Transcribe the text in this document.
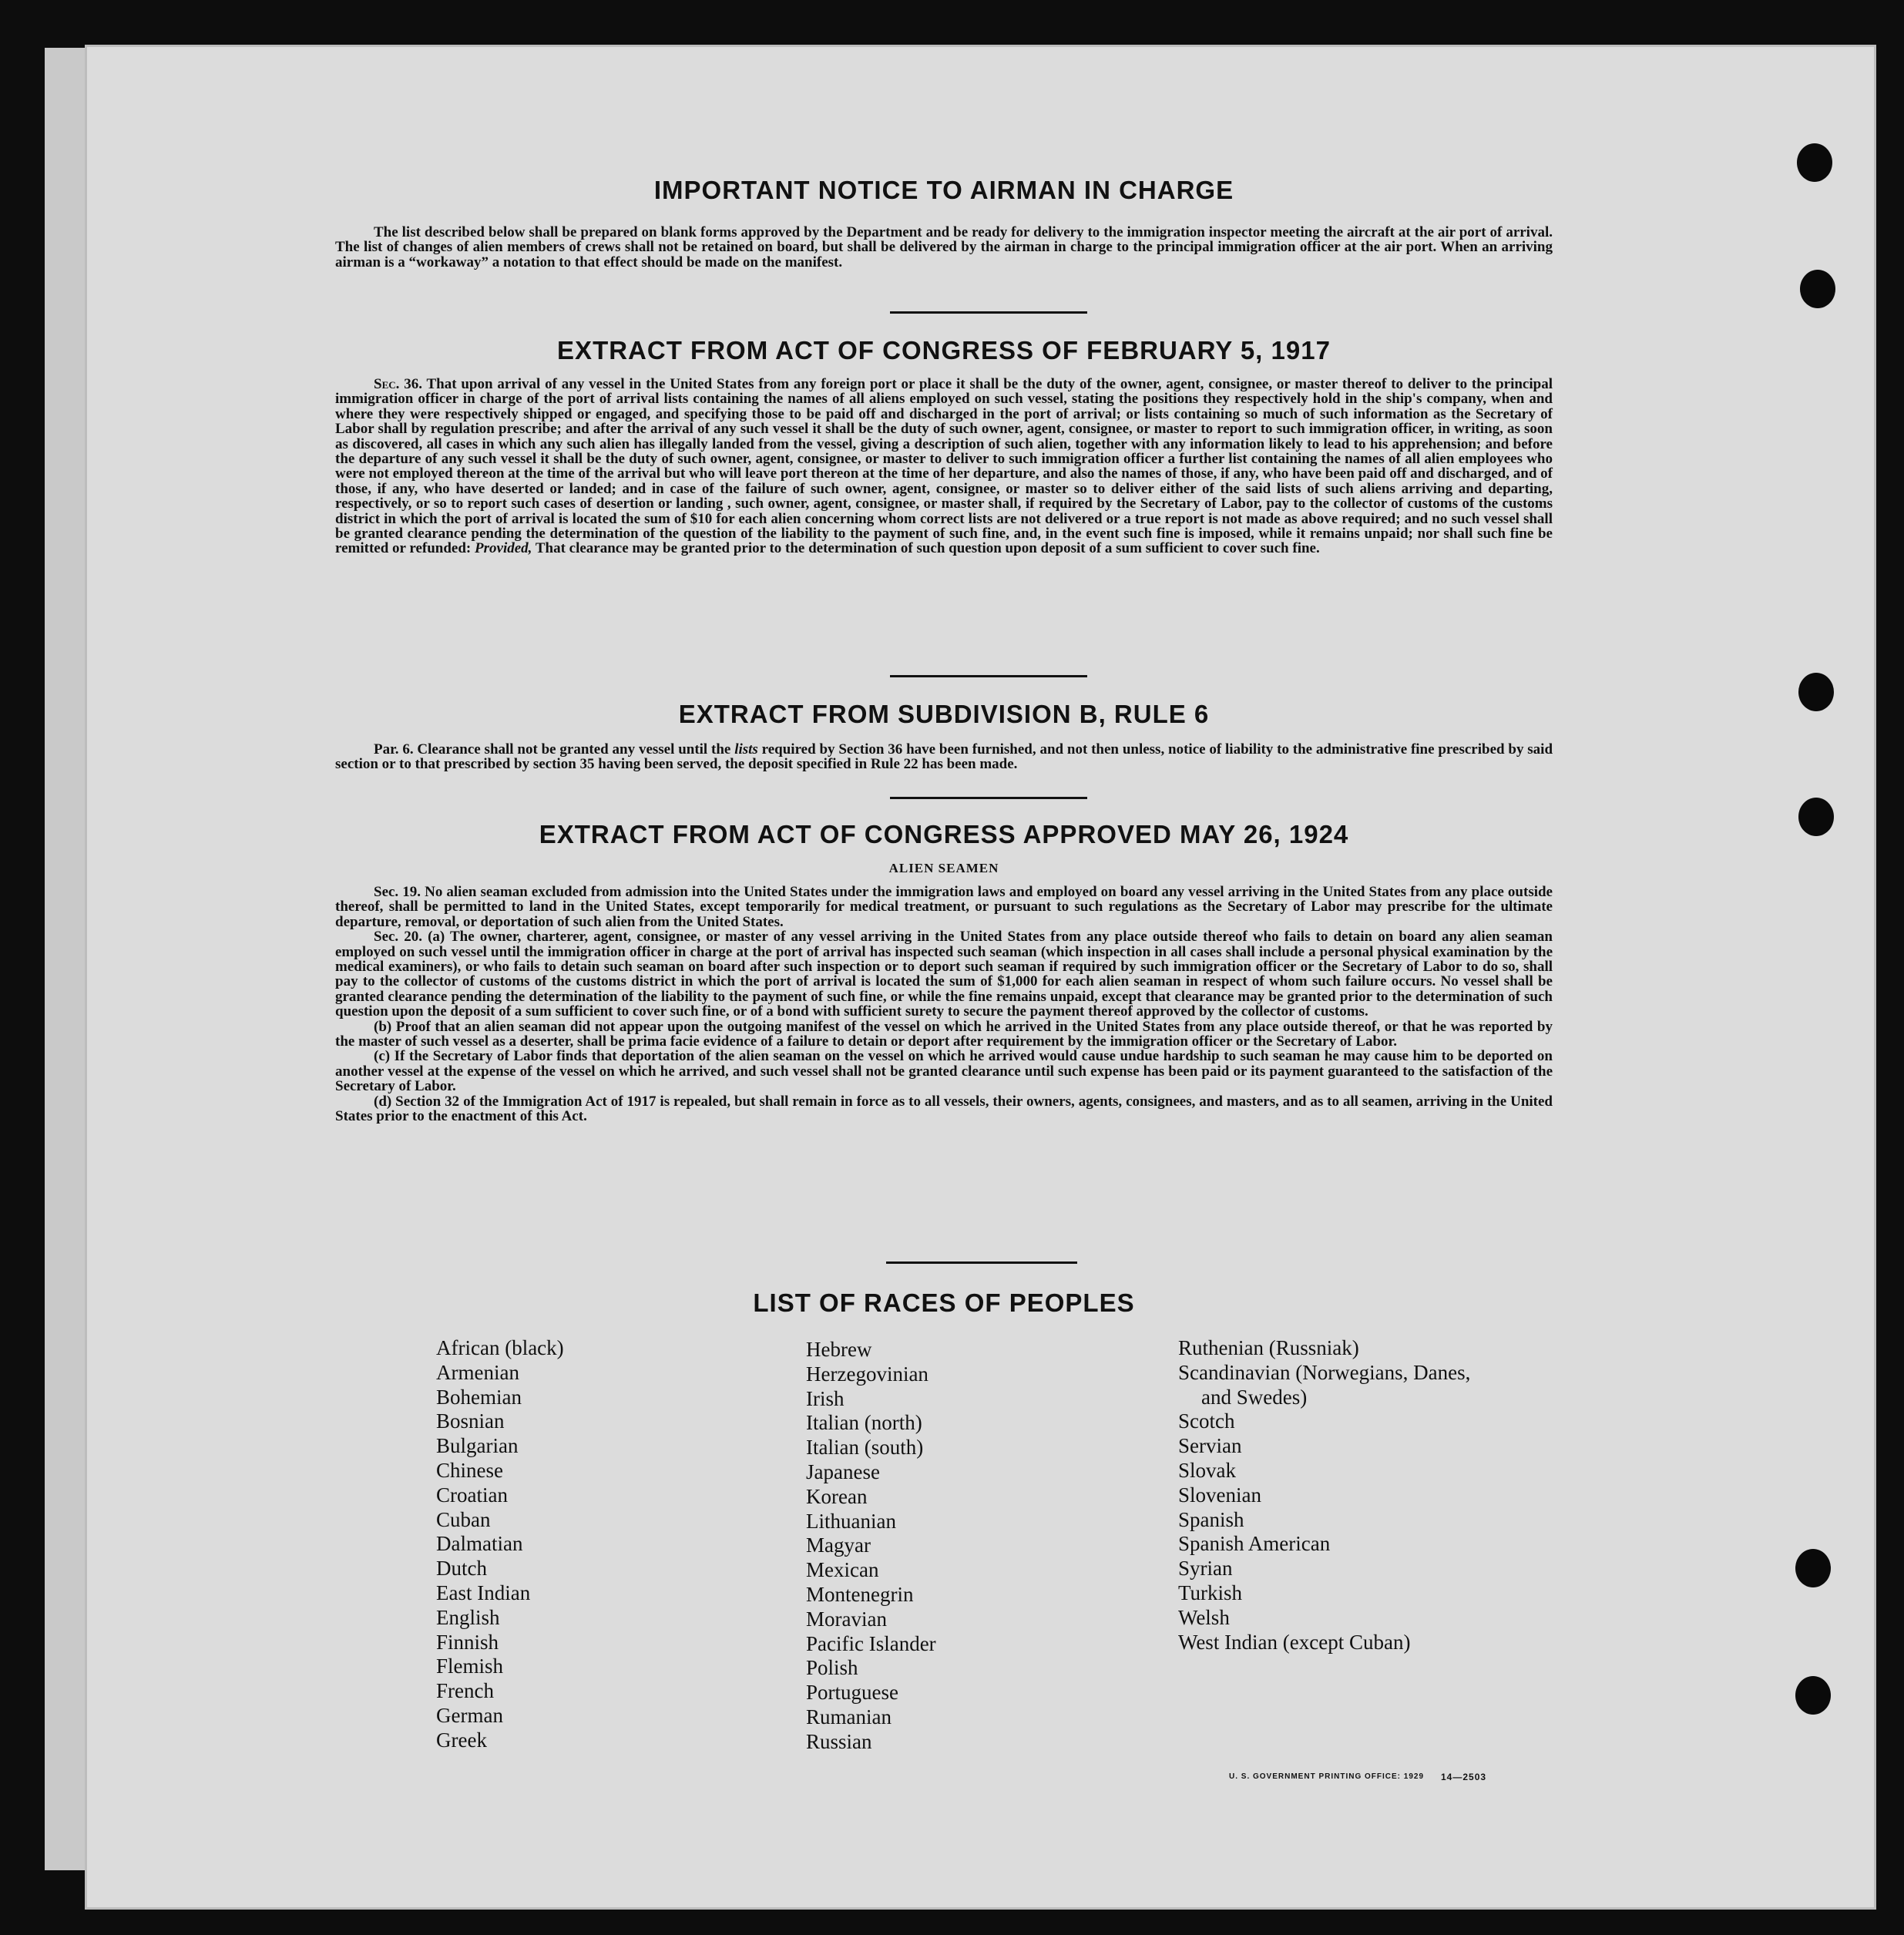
IMPORTANT NOTICE TO AIRMAN IN CHARGE

The list described below shall be prepared on blank forms approved by the Department and be ready for delivery to the immigration inspector meeting the aircraft at the air port of arrival. The list of changes of alien members of crews shall not be retained on board, but shall be delivered by the airman in charge to the principal immigration officer at the air port. When an arriving airman is a “workaway” a notation to that effect should be made on the manifest.

EXTRACT FROM ACT OF CONGRESS OF FEBRUARY 5, 1917

Sec. 36. That upon arrival of any vessel in the United States from any foreign port or place it shall be the duty of the owner, agent, consignee, or master thereof to deliver to the principal immigration officer in charge of the port of arrival lists containing the names of all aliens employed on such vessel, stating the positions they respectively hold in the ship's company, when and where they were respectively shipped or engaged, and specifying those to be paid off and discharged in the port of arrival; or lists containing so much of such information as the Secretary of Labor shall by regulation prescribe; and after the arrival of any such vessel it shall be the duty of such owner, agent, consignee, or master to report to such immigration officer, in writing, as soon as discovered, all cases in which any such alien has illegally landed from the vessel, giving a description of such alien, together with any information likely to lead to his apprehension; and before the departure of any such vessel it shall be the duty of such owner, agent, consignee, or master to deliver to such immigration officer a further list containing the names of all alien employees who were not employed thereon at the time of the arrival but who will leave port thereon at the time of her departure, and also the names of those, if any, who have been paid off and discharged, and of those, if any, who have deserted or landed; and in case of the failure of such owner, agent, consignee, or master so to deliver either of the said lists of such aliens arriving and departing, respectively, or so to report such cases of desertion or landing , such owner, agent, consignee, or master shall, if required by the Secretary of Labor, pay to the collector of customs of the customs district in which the port of arrival is located the sum of $10 for each alien concerning whom correct lists are not delivered or a true report is not made as above required; and no such vessel shall be granted clearance pending the determination of the question of the liability to the payment of such fine, and, in the event such fine is imposed, while it remains unpaid; nor shall such fine be remitted or refunded: Provided, That clearance may be granted prior to the determination of such question upon deposit of a sum sufficient to cover such fine.

EXTRACT FROM SUBDIVISION B, RULE 6

Par. 6. Clearance shall not be granted any vessel until the lists required by Section 36 have been furnished, and not then unless, notice of liability to the administrative fine prescribed by said section or to that prescribed by section 35 having been served, the deposit specified in Rule 22 has been made.

EXTRACT FROM ACT OF CONGRESS APPROVED MAY 26, 1924
ALIEN SEAMEN

Sec. 19. No alien seaman excluded from admission into the United States under the immigration laws and employed on board any vessel arriving in the United States from any place outside thereof, shall be permitted to land in the United States, except temporarily for medical treatment, or pursuant to such regulations as the Secretary of Labor may prescribe for the ultimate departure, removal, or deportation of such alien from the United States.

Sec. 20. (a) The owner, charterer, agent, consignee, or master of any vessel arriving in the United States from any place outside thereof who fails to detain on board any alien seaman employed on such vessel until the immigration officer in charge at the port of arrival has inspected such seaman (which inspection in all cases shall include a personal physical examination by the medical examiners), or who fails to detain such seaman on board after such inspection or to deport such seaman if required by such immigration officer or the Secretary of Labor to do so, shall pay to the collector of customs of the customs district in which the port of arrival is located the sum of $1,000 for each alien seaman in respect of whom such failure occurs. No vessel shall be granted clearance pending the determination of the liability to the payment of such fine, or while the fine remains unpaid, except that clearance may be granted prior to the determination of such question upon the deposit of a sum sufficient to cover such fine, or of a bond with sufficient surety to secure the payment thereof approved by the collector of customs.

(b) Proof that an alien seaman did not appear upon the outgoing manifest of the vessel on which he arrived in the United States from any place outside thereof, or that he was reported by the master of such vessel as a deserter, shall be prima facie evidence of a failure to detain or deport after requirement by the immigration officer or the Secretary of Labor.

(c) If the Secretary of Labor finds that deportation of the alien seaman on the vessel on which he arrived would cause undue hardship to such seaman he may cause him to be deported on another vessel at the expense of the vessel on which he arrived, and such vessel shall not be granted clearance until such expense has been paid or its payment guaranteed to the satisfaction of the Secretary of Labor.

(d) Section 32 of the Immigration Act of 1917 is repealed, but shall remain in force as to all vessels, their owners, agents, consignees, and masters, and as to all seamen, arriving in the United States prior to the enactment of this Act.

LIST OF RACES OF PEOPLES
African (black)
Armenian
Bohemian
Bosnian
Bulgarian
Chinese
Croatian
Cuban
Dalmatian
Dutch
East Indian
English
Finnish
Flemish
French
German
Greek
Hebrew
Herzegovinian
Irish
Italian (north)
Italian (south)
Japanese
Korean
Lithuanian
Magyar
Mexican
Montenegrin
Moravian
Pacific Islander
Polish
Portuguese
Rumanian
Russian
Ruthenian (Russniak)
Scandinavian (Norwegians, Danes,
and Swedes)
Scotch
Servian
Slovak
Slovenian
Spanish
Spanish American
Syrian
Turkish
Welsh
West Indian (except Cuban)
U. S. GOVERNMENT PRINTING OFFICE: 1929 14—2503
